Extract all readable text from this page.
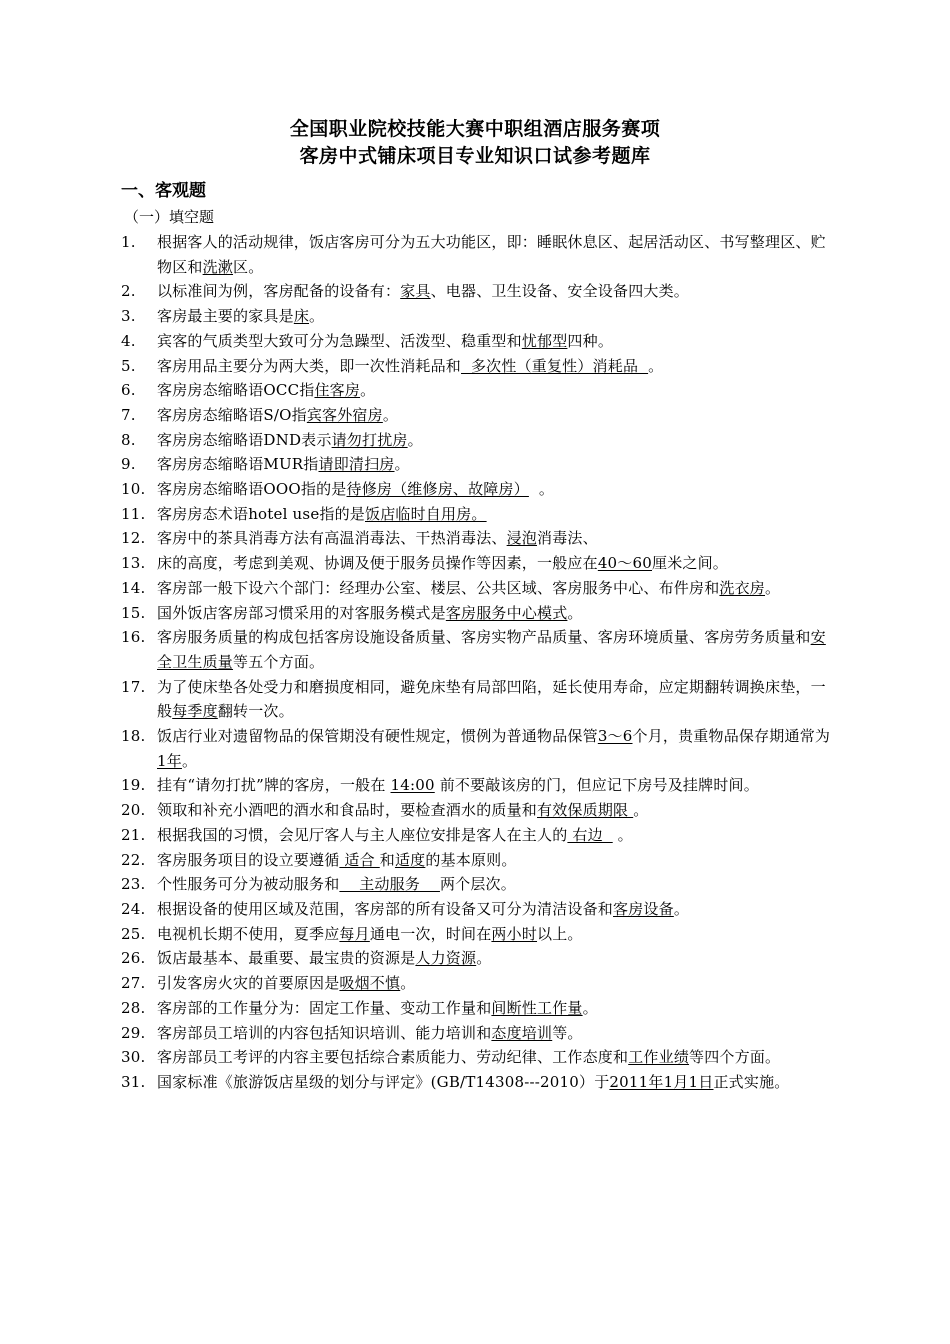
全国职业院校技能大赛中职组酒店服务赛项
客房中式铺床项目专业知识口试参考题库
一、客观题
（一）填空题
1. 根据客人的活动规律，饭店客房可分为五大功能区，即：睡眠休息区、起居活动区、书写整理区、贮物区和洗漱区。
2. 以标准间为例，客房配备的设备有：家具、电器、卫生设备、安全设备四大类。
3. 客房最主要的家具是床。
4. 宾客的气质类型大致可分为急躁型、活泼型、稳重型和忧郁型四种。
5. 客房用品主要分为两大类，即一次性消耗品和  多次性（重复性）消耗品  。
6. 客房房态缩略语OCC指住客房。
7. 客房房态缩略语S/O指宾客外宿房。
8. 客房房态缩略语DND表示请勿打扰房。
9. 客房房态缩略语MUR指请即清扫房。
10. 客房房态缩略语OOO指的是待修房（维修房、故障房）  。
11. 客房房态术语hotel use指的是饭店临时自用房。
12. 客房中的茶具消毒方法有高温消毒法、干热消毒法、浸泡消毒法、
13. 床的高度，考虑到美观、协调及便于服务员操作等因素，一般应在40～60厘米之间。
14. 客房部一般下设六个部门：经理办公室、楼层、公共区域、客房服务中心、布件房和洗衣房。
15. 国外饭店客房部习惯采用的对客服务模式是客房服务中心模式。
16. 客房服务质量的构成包括客房设施设备质量、客房实物产品质量、客房环境质量、客房劳务质量和安全卫生质量等五个方面。
17. 为了使床垫各处受力和磨损度相同，避免床垫有局部凹陷，延长使用寿命，应定期翻转调换床垫，一般每季度翻转一次。
18. 饭店行业对遗留物品的保管期没有硬性规定，惯例为普通物品保管3～6个月，贵重物品保存期通常为1年。
19. 挂有“请勿打扰”牌的客房，一般在 14:00 前不要敲该房的门，但应记下房号及挂牌时间。
20. 领取和补充小酒吧的酒水和食品时，要检查酒水的质量和有效保质期限 。
21. 根据我国的习惯，会见厅客人与主人座位安排是客人在主人的 右边   。
22. 客房服务项目的设立要遵循 适合 和适度的基本原则。
23. 个性服务可分为被动服务和    主动服务    两个层次。
24. 根据设备的使用区域及范围，客房部的所有设备又可分为清洁设备和客房设备。
25. 电视机长期不使用，夏季应每月通电一次，时间在两小时以上。
26. 饭店最基本、最重要、最宝贵的资源是人力资源。
27. 引发客房火灾的首要原因是吸烟不慎。
28. 客房部的工作量分为：固定工作量、变动工作量和间断性工作量。
29. 客房部员工培训的内容包括知识培训、能力培训和态度培训等。
30. 客房部员工考评的内容主要包括综合素质能力、劳动纪律、工作态度和工作业绩等四个方面。
31. 国家标准《旅游饭店星级的划分与评定》(GB/T14308---2010）于2011年1月1日正式实施。
